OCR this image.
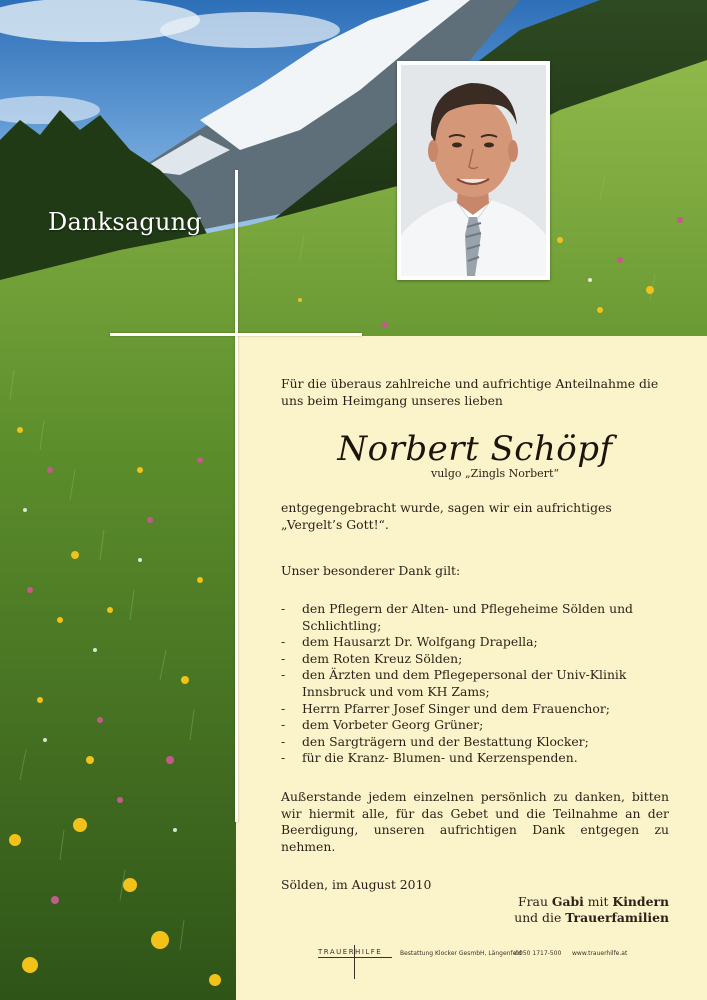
Danksagung

Für die überaus zahlreiche und aufrichtige Anteilnahme die uns beim Heimgang unseres lieben

Norbert Schöpf

vulgo „Zingls Norbert“

entgegengebracht wurde, sagen wir ein aufrichtiges „Vergelt’s Gott!“.

Unser besonderer Dank gilt:

- den Pflegern der Alten- und Pflegeheime Sölden und Schlichtling;
- dem Hausarzt Dr. Wolfgang Drapella;
- dem Roten Kreuz Sölden;
- den Ärzten und dem Pflegepersonal der Univ-Klinik Innsbruck und vom KH Zams;
- Herrn Pfarrer Josef Singer und dem Frauenchor;
- dem Vorbeter Georg Grüner;
- den Sargträgern und der Bestattung Klocker;
- für die Kranz- Blumen- und Kerzenspenden.

Außerstande jedem einzelnen persönlich zu danken, bitten wir hiermit alle, für das Gebet und die Teilnahme an der Beerdigung, unseren aufrichtigen Dank entgegen zu nehmen.

Sölden, im August 2010

Frau Gabi mit Kindern

und die Trauerfamilien

TRAUERHILFE	Bestattung Klocker GesmbH, Längenfeld
✆050 1717-500 www.trauerhilfe.at
